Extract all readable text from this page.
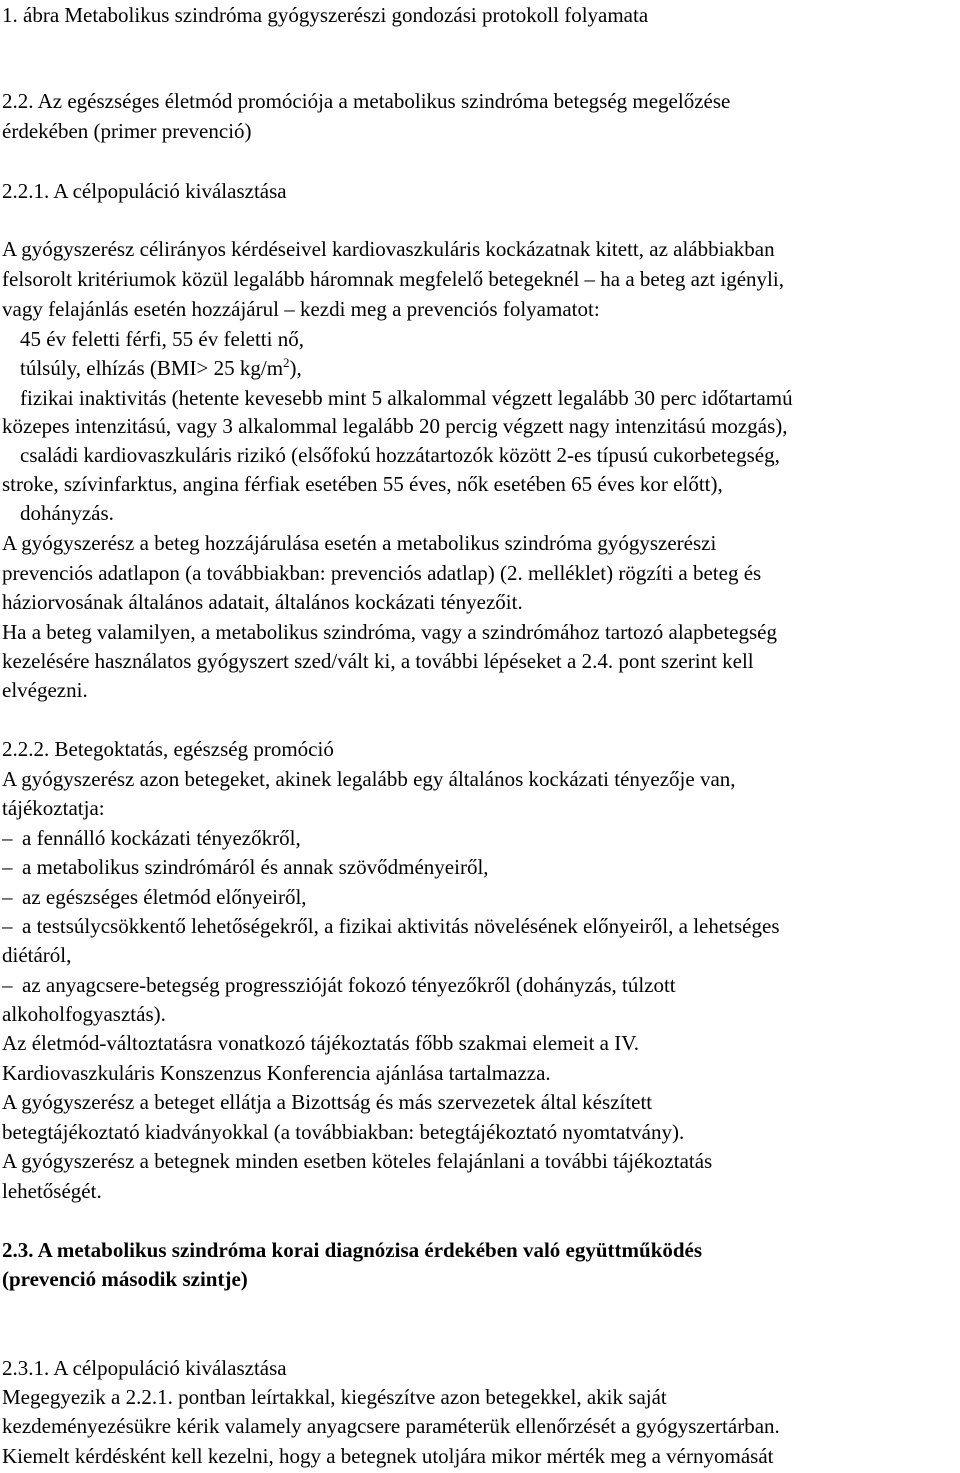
1. ábra Metabolikus szindróma gyógyszerészi gondozási protokoll folyamata
2.2. Az egészséges életmód promóciója a metabolikus szindróma betegség megelőzése
érdekében (primer prevenció)
2.2.1. A célpopuláció kiválasztása
A gyógyszerész célirányos kérdéseivel kardiovaszkuláris kockázatnak kitett, az alábbiakban
felsorolt kritériumok közül legalább háromnak megfelelő betegeknél – ha a beteg azt igényli,
vagy felajánlás esetén hozzájárul – kezdi meg a prevenciós folyamatot:
45 év feletti férfi, 55 év feletti nő,
túlsúly, elhízás (BMI> 25 $kg/m^2$),
fizikai inaktivitás (hetente kevesebb mint 5 alkalommal végzett legalább 30 perc időtartamú
közepes intenzitású, vagy 3 alkalommal legalább 20 percig végzett nagy intenzitású mozgás),
családi kardiovaszkuláris rizikó (elsőfokú hozzátartozók között 2-es típusú cukorbetegség,
stroke, szívinfarktus, angina férfiak esetében 55 éves, nők esetében 65 éves kor előtt),
dohányzás.
A gyógyszerész a beteg hozzájárulása esetén a metabolikus szindróma gyógyszerészi
prevenciós adatlapon (a továbbiakban: prevenciós adatlap) (2. melléklet) rögzíti a beteg és
háziorvosának általános adatait, általános kockázati tényezőit.
Ha a beteg valamilyen, a metabolikus szindróma, vagy a szindrómához tartozó alapbetegség
kezelésére használatos gyógyszert szed/vált ki, a további lépéseket a 2.4. pont szerint kell
elvégezni.
2.2.2. Betegoktatás, egészség promóció
A gyógyszerész azon betegeket, akinek legalább egy általános kockázati tényezője van,
tájékoztatja:
– a fennálló kockázati tényezőkről,
– a metabolikus szindrómáról és annak szövődményeiről,
– az egészséges életmód előnyeiről,
– a testsúlycsökkentő lehetőségekről, a fizikai aktivitás növelésének előnyeiről, a lehetséges
diétáról,
– az anyagcsere-betegség progresszióját fokozó tényezőkről (dohányzás, túlzott
alkoholfogyasztás).
Az életmód-változtatásra vonatkozó tájékoztatás főbb szakmai elemeit a IV.
Kardiovaszkuláris Konszenzus Konferencia ajánlása tartalmazza.
A gyógyszerész a beteget ellátja a Bizottság és más szervezetek által készített
betegtájékoztató kiadványokkal (a továbbiakban: betegtájékoztató nyomtatvány).
A gyógyszerész a betegnek minden esetben köteles felajánlani a további tájékoztatás
lehetőségét.
2.3. A metabolikus szindróma korai diagnózisa érdekében való együttműködés
(prevenció második szintje)
2.3.1. A célpopuláció kiválasztása
Megegyezik a 2.2.1. pontban leírtakkal, kiegészítve azon betegekkel, akik saját
kezdeményezésükre kérik valamely anyagcsere paraméterük ellenőrzését a gyógyszertárban.
Kiemelt kérdésként kell kezelni, hogy a betegnek utoljára mikor mérték meg a vérnyomását
